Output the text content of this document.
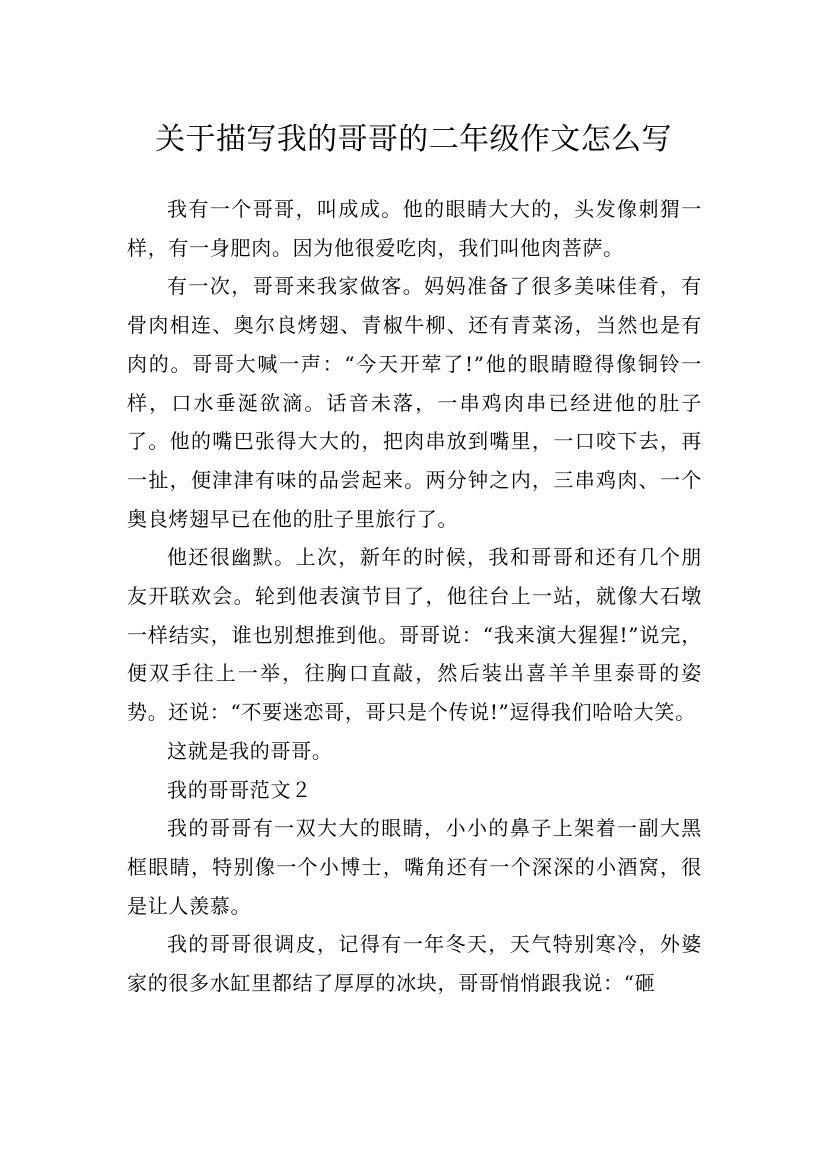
关于描写我的哥哥的二年级作文怎么写

我有一个哥哥，叫成成。他的眼睛大大的，头发像刺猬一样，有一身肥肉。因为他很爱吃肉，我们叫他肉菩萨。

有一次，哥哥来我家做客。妈妈准备了很多美味佳肴，有骨肉相连、奥尔良烤翅、青椒牛柳、还有青菜汤，当然也是有肉的。哥哥大喊一声：“今天开荤了!”他的眼睛瞪得像铜铃一样，口水垂涎欲滴。话音未落，一串鸡肉串已经进他的肚子了。他的嘴巴张得大大的，把肉串放到嘴里，一口咬下去，再一扯，便津津有味的品尝起来。两分钟之内，三串鸡肉、一个奥良烤翅早已在他的肚子里旅行了。

他还很幽默。上次，新年的时候，我和哥哥和还有几个朋友开联欢会。轮到他表演节目了，他往台上一站，就像大石墩一样结实，谁也别想推到他。哥哥说：“我来演大猩猩!”说完，便双手往上一举，往胸口直敲，然后装出喜羊羊里泰哥的姿势。还说：“不要迷恋哥，哥只是个传说!”逗得我们哈哈大笑。

这就是我的哥哥。

我的哥哥范文２

我的哥哥有一双大大的眼睛，小小的鼻子上架着一副大黑框眼睛，特别像一个小博士，嘴角还有一个深深的小酒窝，很是让人羡慕。

我的哥哥很调皮，记得有一年冬天，天气特别寒冷，外婆家的很多水缸里都结了厚厚的冰块，哥哥悄悄跟我说：“砸
